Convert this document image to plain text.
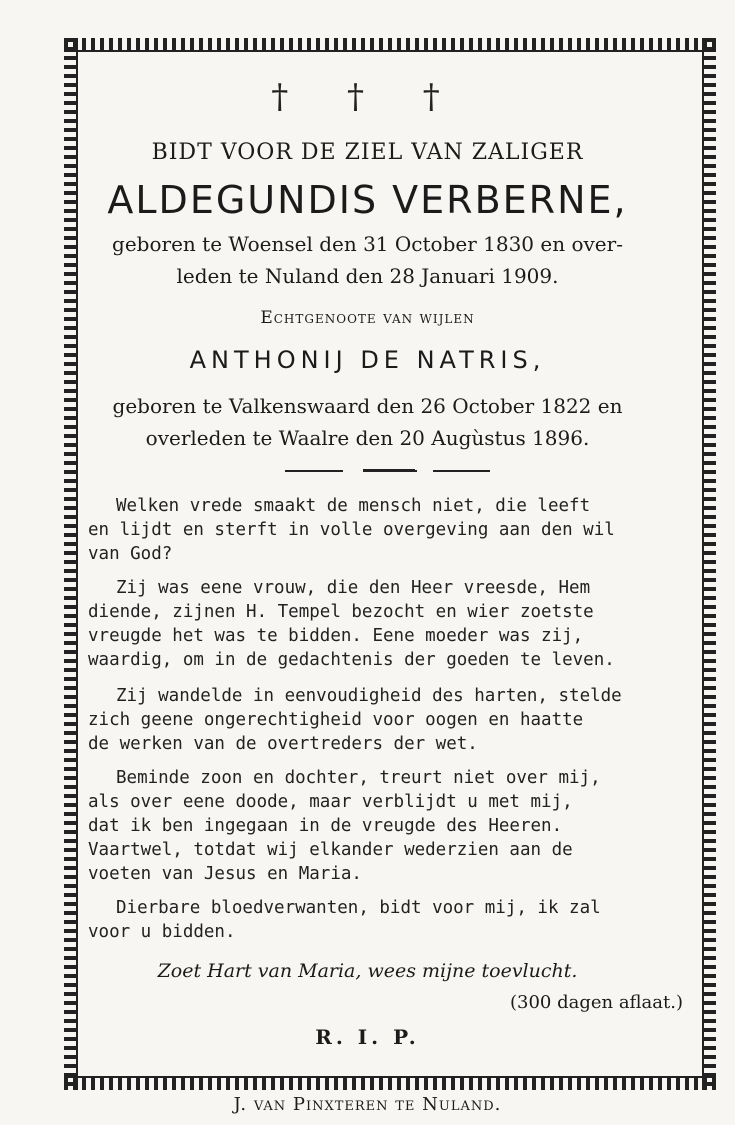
† † †
BIDT VOOR DE ZIEL VAN ZALIGER
ALDEGUNDIS VERBERNE,
geboren te Woensel den 31 October 1830 en over-
leden te Nuland den 28 Januari 1909.
Echtgenoote van wijlen
ANTHONIJ DE NATRIS,
geboren te Valkenswaard den 26 October 1822 en
overleden te Waalre den 20 Augùstus 1896.
Welken vrede smaakt de mensch niet, die leeft
en lijdt en sterft in volle overgeving aan den wil
van God?
Zij was eene vrouw, die den Heer vreesde, Hem
diende, zijnen H. Tempel bezocht en wier zoetste
vreugde het was te bidden. Eene moeder was zij,
waardig, om in de gedachtenis der goeden te leven.
Zij wandelde in eenvoudigheid des harten, stelde
zich geene ongerechtigheid voor oogen en haatte
de werken van de overtreders der wet.
Beminde zoon en dochter, treurt niet over mij,
als over eene doode, maar verblijdt u met mij,
dat ik ben ingegaan in de vreugde des Heeren.
Vaartwel, totdat wij elkander wederzien aan de
voeten van Jesus en Maria.
Dierbare bloedverwanten, bidt voor mij, ik zal
voor u bidden.
Zoet Hart van Maria, wees mijne toevlucht.
(300 dagen aflaat.)
R. I. P.
J. van Pinxteren te Nuland.
